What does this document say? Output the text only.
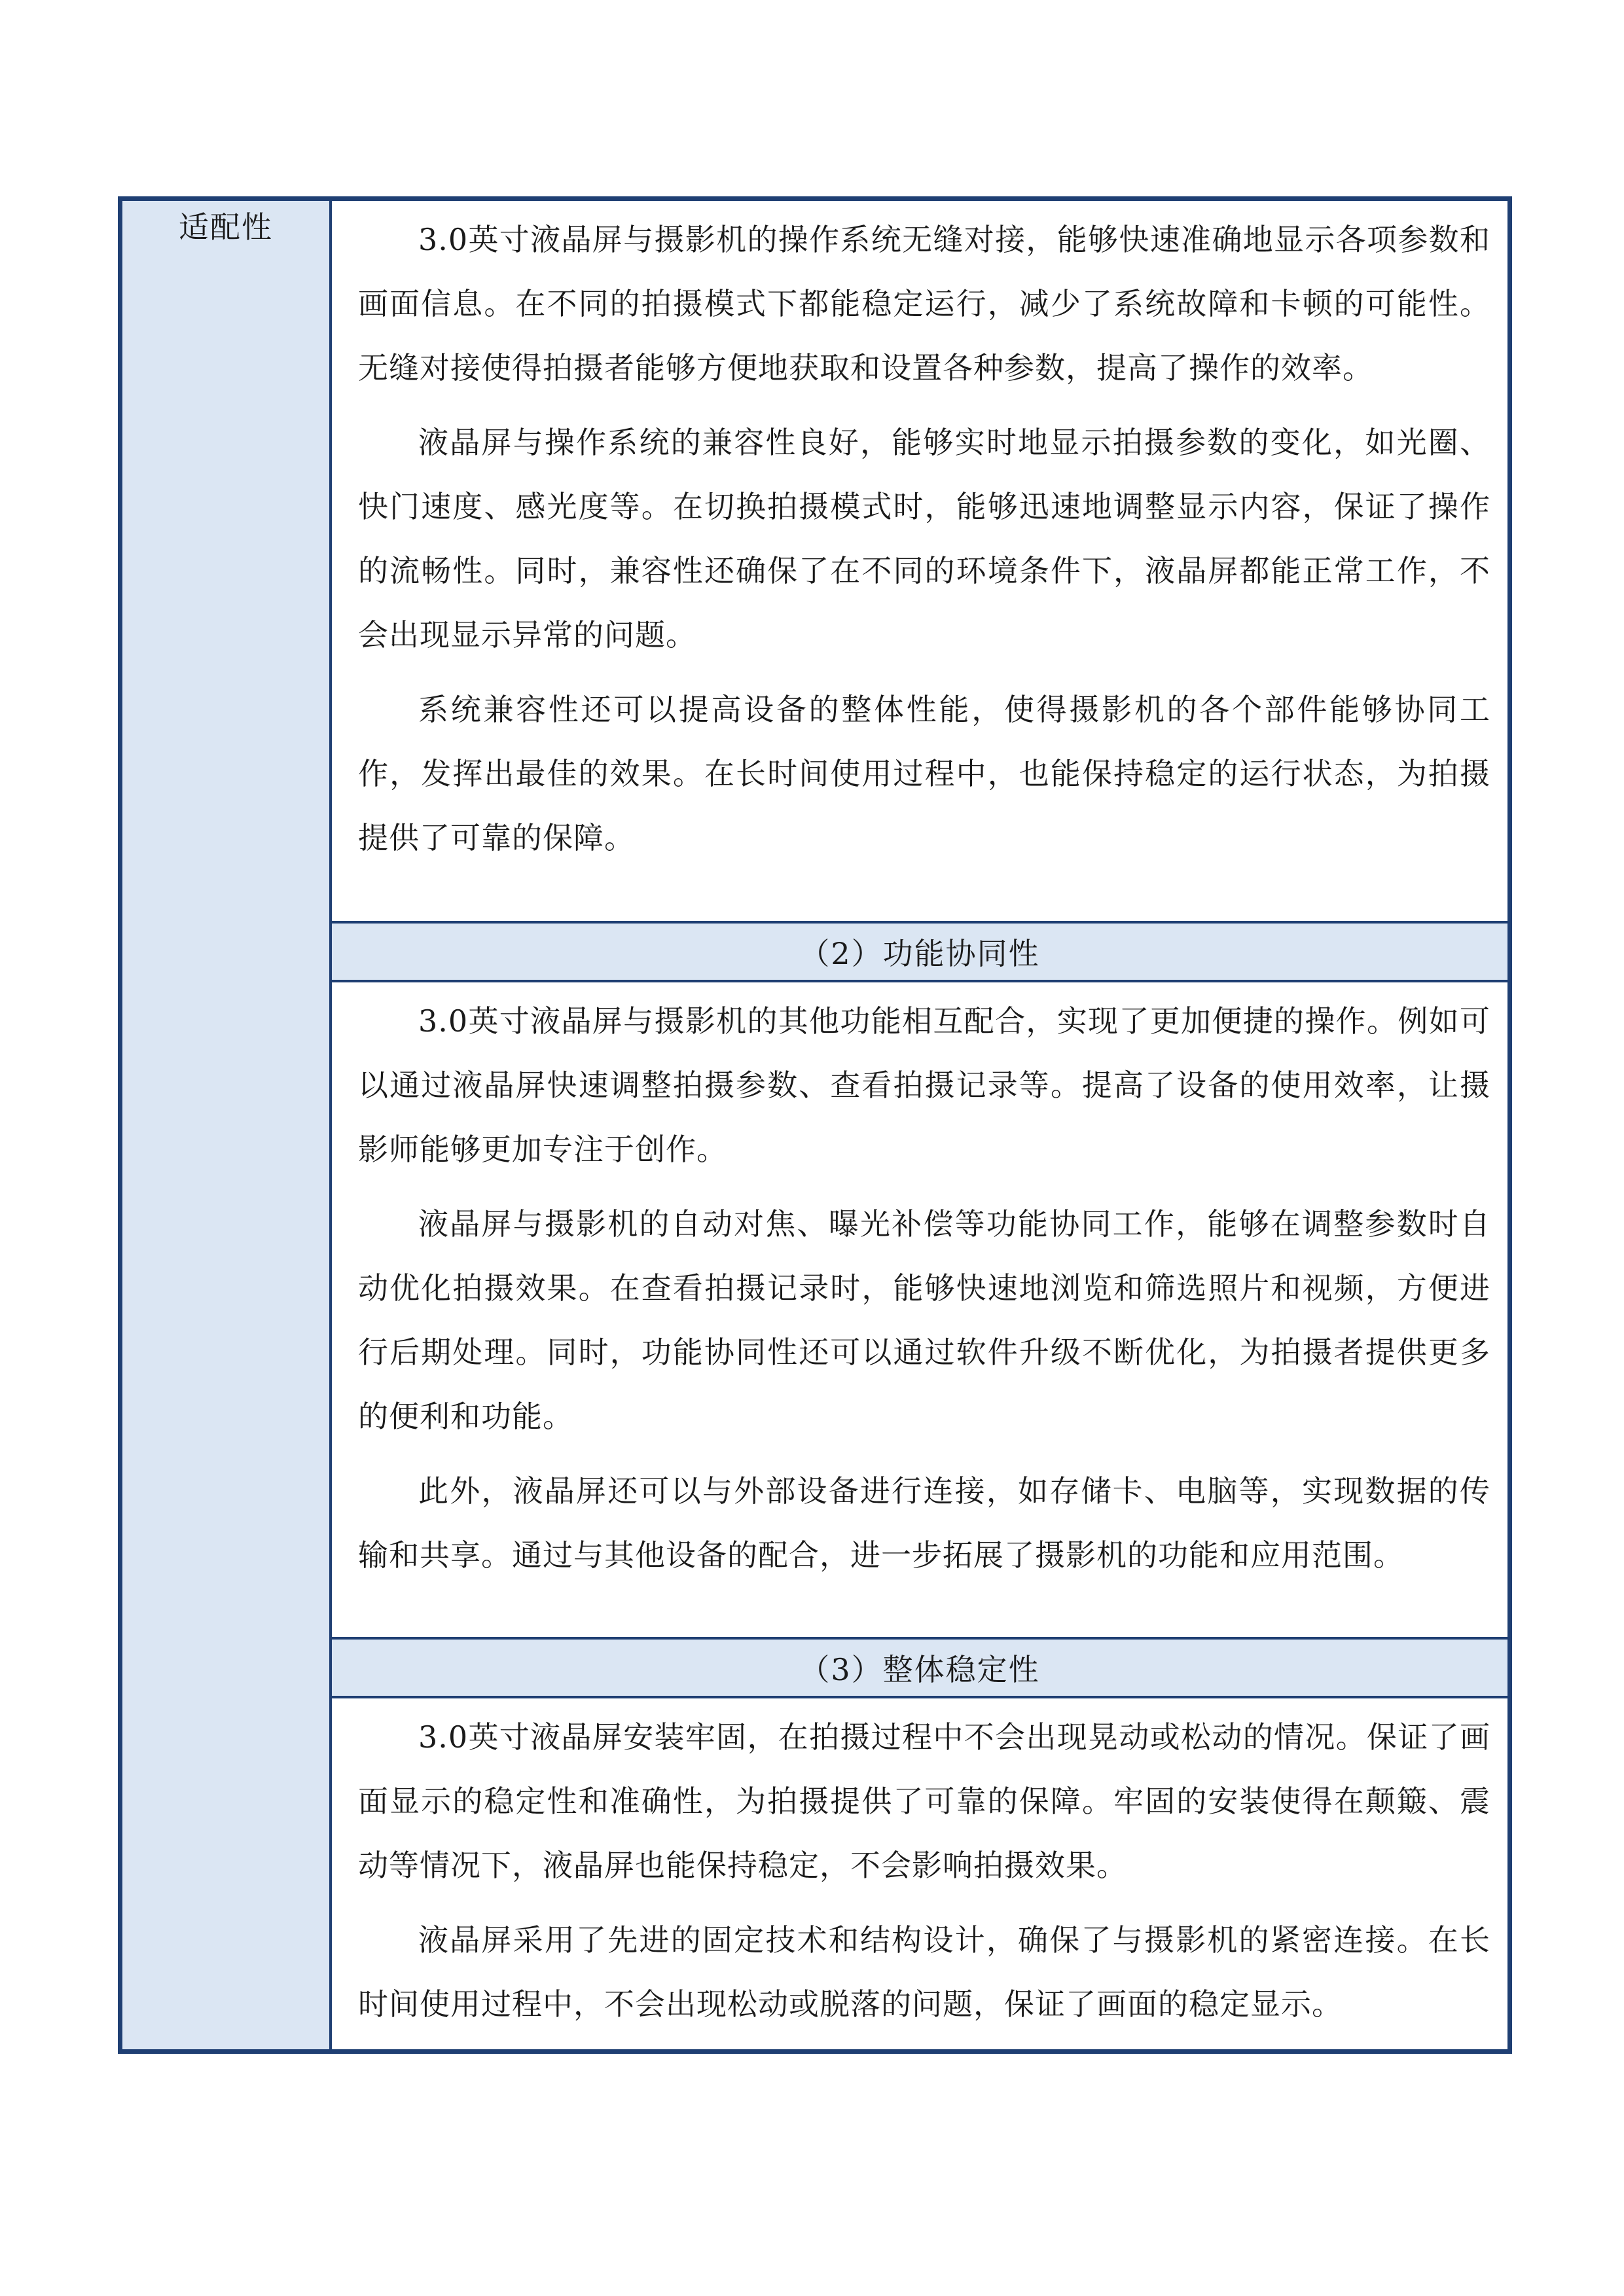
适配性	3.0英寸液晶屏与摄影机的操作系统无缝对接，能够快速准确地显示各项参数和画面信息。在不同的拍摄模式下都能稳定运行，减少了系统故障和卡顿的可能性。无缝对接使得拍摄者能够方便地获取和设置各种参数，提高了操作的效率。

液晶屏与操作系统的兼容性良好，能够实时地显示拍摄参数的变化，如光圈、快门速度、感光度等。在切换拍摄模式时，能够迅速地调整显示内容，保证了操作的流畅性。同时，兼容性还确保了在不同的环境条件下，液晶屏都能正常工作，不会出现显示异常的问题。

系统兼容性还可以提高设备的整体性能，使得摄影机的各个部件能够协同工作，发挥出最佳的效果。在长时间使用过程中，也能保持稳定的运行状态，为拍摄提供了可靠的保障。

（2）功能协同性

3.0英寸液晶屏与摄影机的其他功能相互配合，实现了更加便捷的操作。例如可以通过液晶屏快速调整拍摄参数、查看拍摄记录等。提高了设备的使用效率，让摄影师能够更加专注于创作。

液晶屏与摄影机的自动对焦、曝光补偿等功能协同工作，能够在调整参数时自动优化拍摄效果。在查看拍摄记录时，能够快速地浏览和筛选照片和视频，方便进行后期处理。同时，功能协同性还可以通过软件升级不断优化，为拍摄者提供更多的便利和功能。

此外，液晶屏还可以与外部设备进行连接，如存储卡、电脑等，实现数据的传输和共享。通过与其他设备的配合，进一步拓展了摄影机的功能和应用范围。

（3）整体稳定性

3.0英寸液晶屏安装牢固，在拍摄过程中不会出现晃动或松动的情况。保证了画面显示的稳定性和准确性，为拍摄提供了可靠的保障。牢固的安装使得在颠簸、震动等情况下，液晶屏也能保持稳定，不会影响拍摄效果。

液晶屏采用了先进的固定技术和结构设计，确保了与摄影机的紧密连接。在长时间使用过程中，不会出现松动或脱落的问题，保证了画面的稳定显示。
